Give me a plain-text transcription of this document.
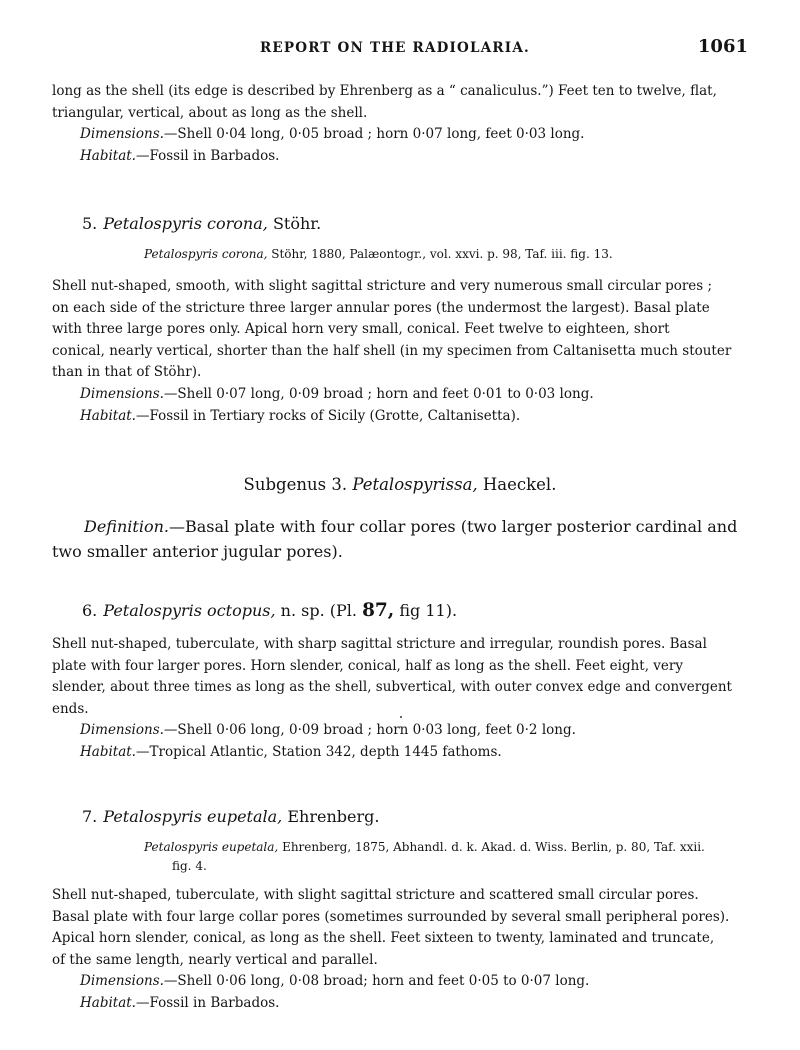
REPORT ON THE RADIOLARIA.	1061
long as the shell (its edge is described by Ehrenberg as a “ canaliculus.”) Feet ten to twelve, flat,
triangular, vertical, about as long as the shell.
Dimensions.—Shell 0·04 long, 0·05 broad ; horn 0·07 long, feet 0·03 long.
Habitat.—Fossil in Barbados.
5. Petalospyris corona, Stöhr.
Petalospyris corona, Stöhr, 1880, Palæontogr., vol. xxvi. p. 98, Taf. iii. fig. 13.
Shell nut-shaped, smooth, with slight sagittal stricture and very numerous small circular pores ;
on each side of the stricture three larger annular pores (the undermost the largest). Basal plate
with three large pores only. Apical horn very small, conical. Feet twelve to eighteen, short
conical, nearly vertical, shorter than the half shell (in my specimen from Caltanisetta much stouter
than in that of Stöhr).
Dimensions.—Shell 0·07 long, 0·09 broad ; horn and feet 0·01 to 0·03 long.
Habitat.—Fossil in Tertiary rocks of Sicily (Grotte, Caltanisetta).
Subgenus 3. Petalospyrissa, Haeckel.
Definition.—Basal plate with four collar pores (two larger posterior cardinal and
two smaller anterior jugular pores).
6. Petalospyris octopus, n. sp. (Pl. 87, fig 11).
Shell nut-shaped, tuberculate, with sharp sagittal stricture and irregular, roundish pores. Basal
plate with four larger pores. Horn slender, conical, half as long as the shell. Feet eight, very
slender, about three times as long as the shell, subvertical, with outer convex edge and convergent
ends.
Dimensions.—Shell 0·06 long, 0·09 broad ; horn 0·03 long, feet 0·2 long.
Habitat.—Tropical Atlantic, Station 342, depth 1445 fathoms.
7. Petalospyris eupetala, Ehrenberg.
Petalospyris eupetala, Ehrenberg, 1875, Abhandl. d. k. Akad. d. Wiss. Berlin, p. 80, Taf. xxii.
fig. 4.
Shell nut-shaped, tuberculate, with slight sagittal stricture and scattered small circular pores.
Basal plate with four large collar pores (sometimes surrounded by several small peripheral pores).
Apical horn slender, conical, as long as the shell. Feet sixteen to twenty, laminated and truncate,
of the same length, nearly vertical and parallel.
Dimensions.—Shell 0·06 long, 0·08 broad; horn and feet 0·05 to 0·07 long.
Habitat.—Fossil in Barbados.
